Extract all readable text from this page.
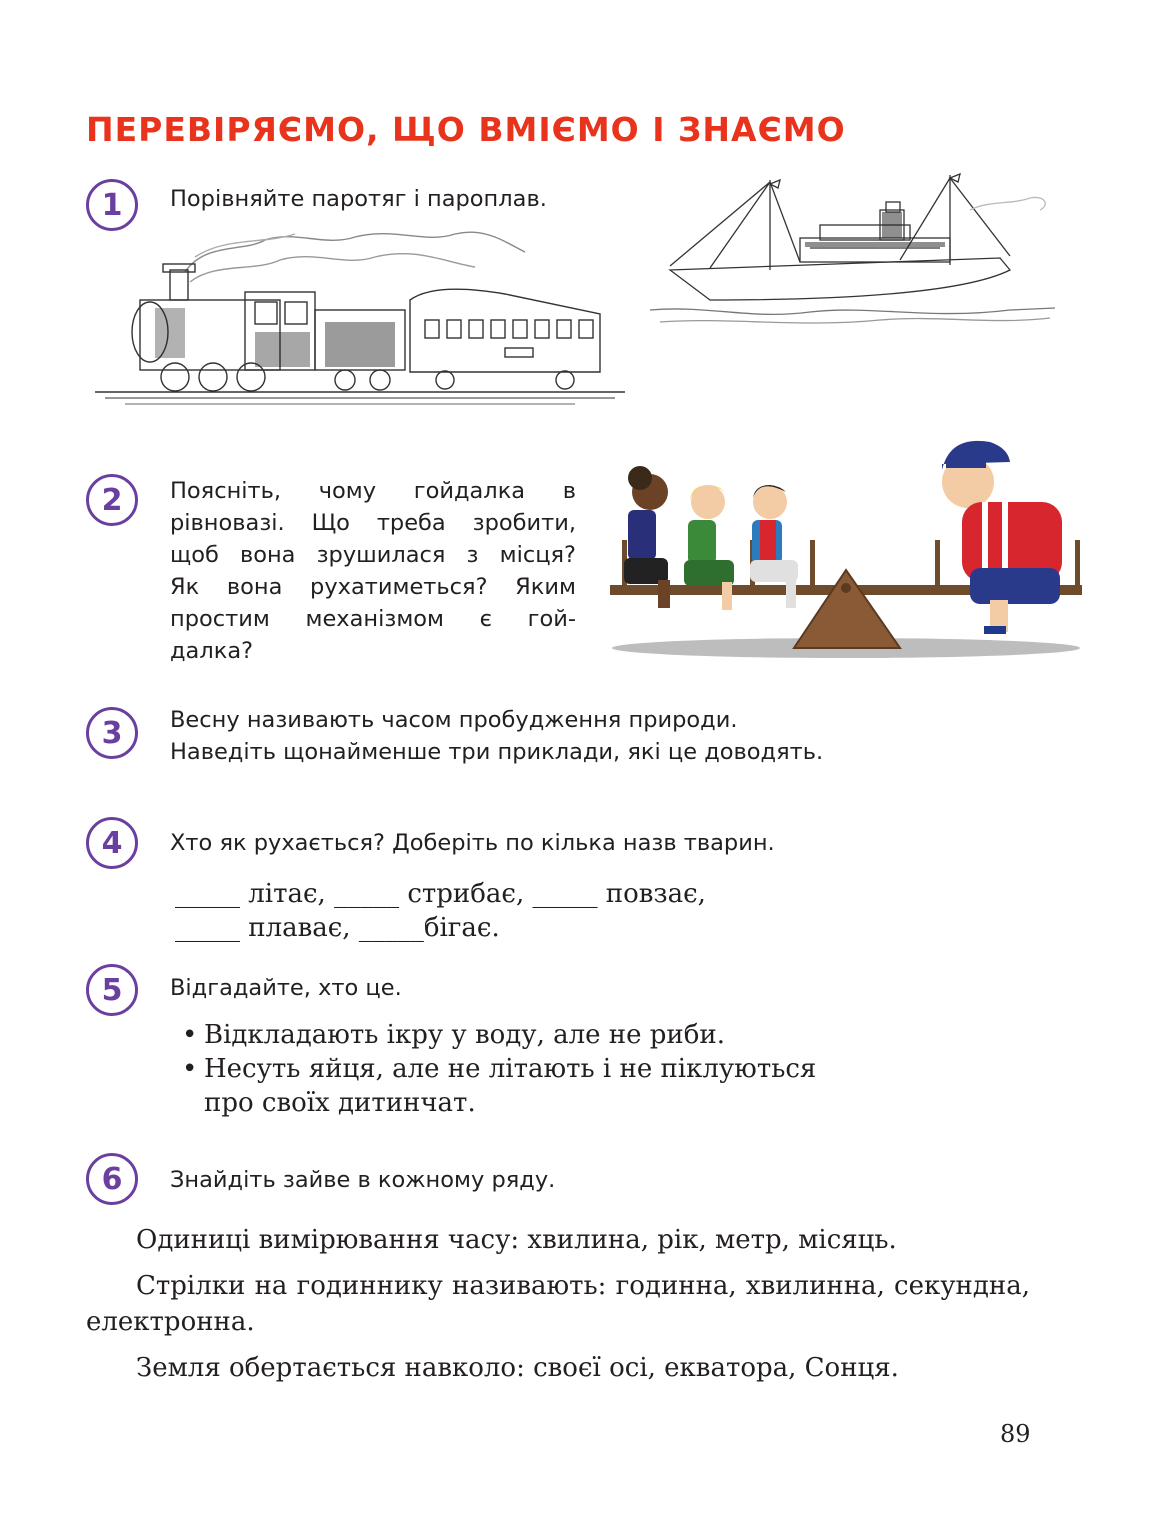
ПЕРЕВІРЯЄМО, ЩО ВМІЄМО І ЗНАЄМО
1	Порівняйте паротяг і пароплав.
2	Поясніть, чому гойдалка в
рівновазі. Що треба зробити,
щоб вона зрушилася з місця?
Як вона рухатиметься? Яким
простим механізмом є гой-
далка?
3	Весну називають часом пробудження природи.
Наведіть щонайменше три приклади, які це доводять.
4	Хто як рухається? Доберіть по кілька назв тварин.
_____ літає, _____ стрибає, _____ повзає,
_____ плаває, _____бігає.
5	Відгадайте, хто це.
• Відкладають ікру у воду, але не риби.
• Несуть яйця, але не літають і не піклуються
про своїх дитинчат.
6	Знайдіть зайве в кожному ряду.
Одиниці вимірювання часу: хвилина, рік, метр, місяць.
Стрілки на годиннику називають: годинна, хвилинна, секундна, електронна.
Земля обертається навколо: своєї осі, екватора, Сонця.
89
